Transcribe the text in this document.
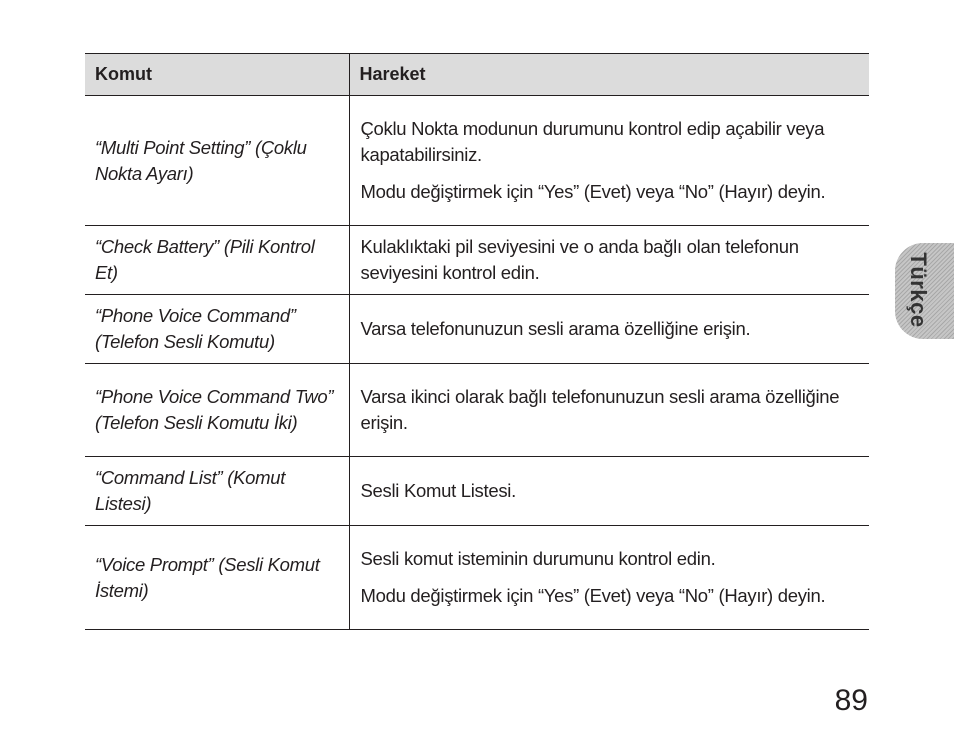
Komut	Hareket
“Multi Point Setting” (Çoklu Nokta Ayarı)	Çoklu Nokta modunun durumunu kontrol edip açabilir veya kapatabilirsiniz.

Modu değiştirmek için “Yes” (Evet) veya “No” (Hayır) deyin.

“Check Battery” (Pili Kontrol Et)	Kulaklıktaki pil seviyesini ve o anda bağlı olan telefonun seviyesini kontrol edin.

“Phone Voice Command” (Telefon Sesli Komutu)	Varsa telefonunuzun sesli arama özelliğine erişin.

“Phone Voice Command Two” (Telefon Sesli Komutu İki)	Varsa ikinci olarak bağlı telefonunuzun sesli arama özelliğine erişin.

“Command List” (Komut Listesi)	Sesli Komut Listesi.

“Voice Prompt” (Sesli Komut İstemi)	Sesli komut isteminin durumunu kontrol edin.

Modu değiştirmek için “Yes” (Evet) veya “No” (Hayır) deyin.

Türkçe
89
